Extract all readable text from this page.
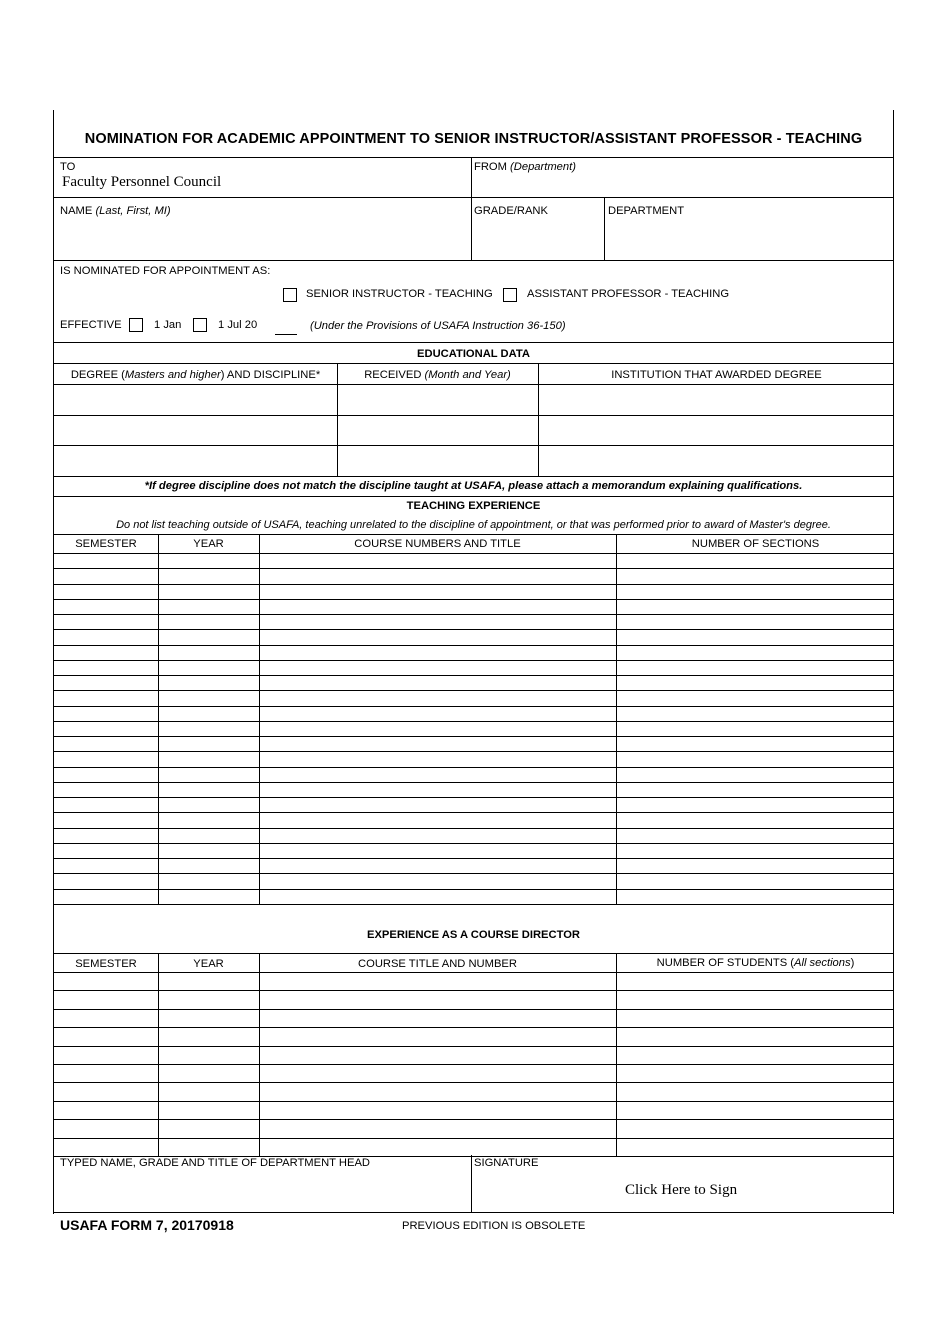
NOMINATION FOR ACADEMIC APPOINTMENT TO SENIOR INSTRUCTOR/ASSISTANT PROFESSOR - TEACHING
TO
Faculty Personnel Council
FROM (Department)
NAME (Last, First, MI)	GRADE/RANK	DEPARTMENT
IS NOMINATED FOR APPOINTMENT AS:
SENIOR INSTRUCTOR - TEACHING	ASSISTANT PROFESSOR - TEACHING
EFFECTIVE	1 Jan	1 Jul 20	(Under the Provisions of USAFA Instruction 36-150)
EDUCATIONAL DATA
DEGREE (Masters and higher) AND DISCIPLINE*	RECEIVED (Month and Year)	INSTITUTION THAT AWARDED DEGREE
*If degree discipline does not match the discipline taught at USAFA, please attach a memorandum explaining qualifications.
TEACHING EXPERIENCE
Do not list teaching outside of USAFA, teaching unrelated to the discipline of appointment, or that was performed prior to award of Master's degree.
SEMESTER	YEAR	COURSE NUMBERS AND TITLE	NUMBER OF SECTIONS
EXPERIENCE AS A COURSE DIRECTOR
SEMESTER	YEAR	COURSE TITLE AND NUMBER	NUMBER OF STUDENTS (All sections)
TYPED NAME, GRADE AND TITLE OF DEPARTMENT HEAD	SIGNATURE
Click Here to Sign
USAFA FORM 7, 20170918	PREVIOUS EDITION IS OBSOLETE
